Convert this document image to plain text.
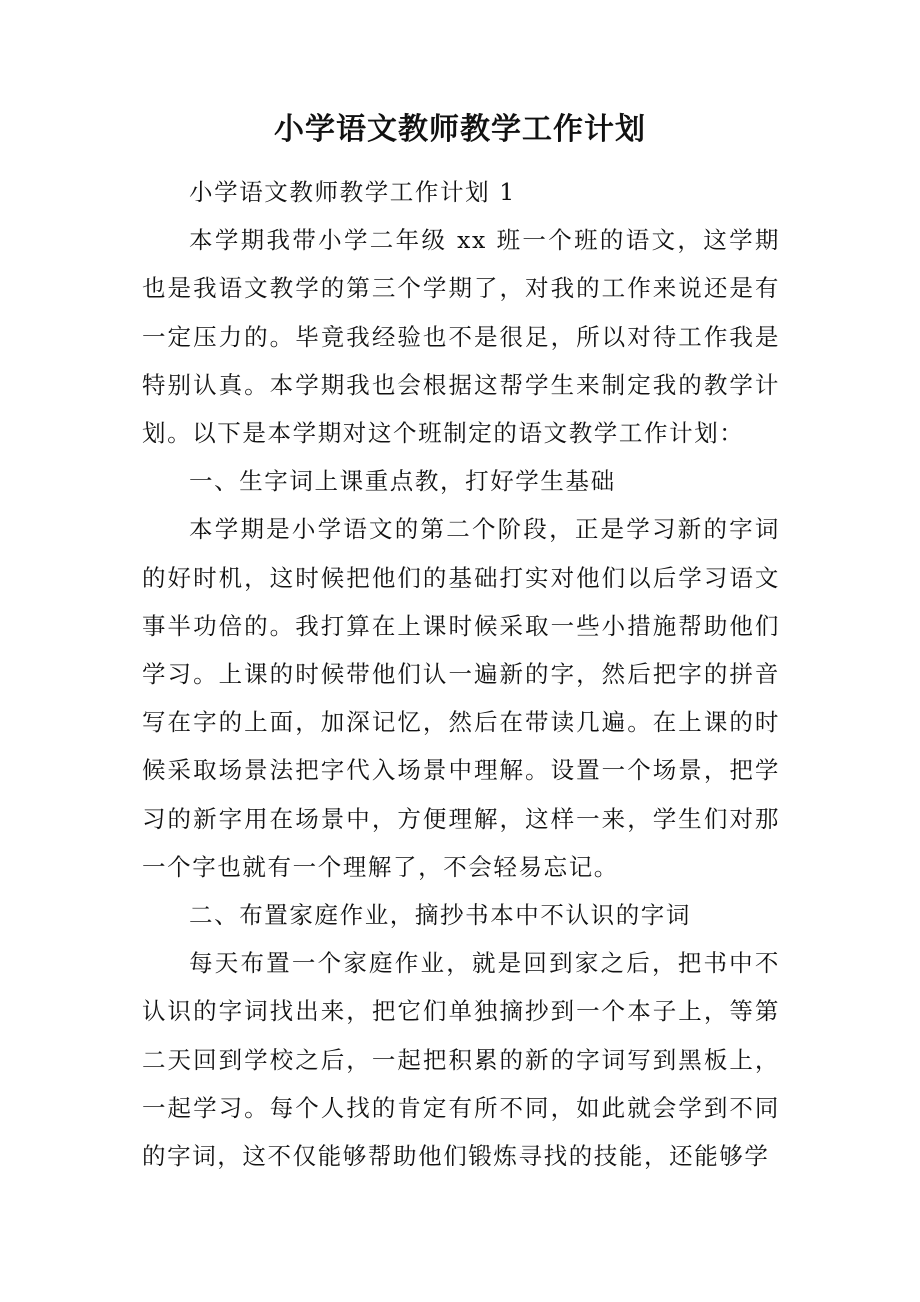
小学语文教师教学工作计划

小学语文教师教学工作计划 1

本学期我带小学二年级 xx 班一个班的语文，这学期也是我语文教学的第三个学期了，对我的工作来说还是有一定压力的。毕竟我经验也不是很足，所以对待工作我是特别认真。本学期我也会根据这帮学生来制定我的教学计划。以下是本学期对这个班制定的语文教学工作计划：

一、生字词上课重点教，打好学生基础

本学期是小学语文的第二个阶段，正是学习新的字词的好时机，这时候把他们的基础打实对他们以后学习语文事半功倍的。我打算在上课时候采取一些小措施帮助他们学习。上课的时候带他们认一遍新的字，然后把字的拼音写在字的上面，加深记忆，然后在带读几遍。在上课的时候采取场景法把字代入场景中理解。设置一个场景，把学习的新字用在场景中，方便理解，这样一来，学生们对那一个字也就有一个理解了，不会轻易忘记。

二、布置家庭作业，摘抄书本中不认识的字词

每天布置一个家庭作业，就是回到家之后，把书中不认识的字词找出来，把它们单独摘抄到一个本子上，等第二天回到学校之后，一起把积累的新的字词写到黑板上，一起学习。每个人找的肯定有所不同，如此就会学到不同的字词，这不仅能够帮助他们锻炼寻找的技能，还能够学
